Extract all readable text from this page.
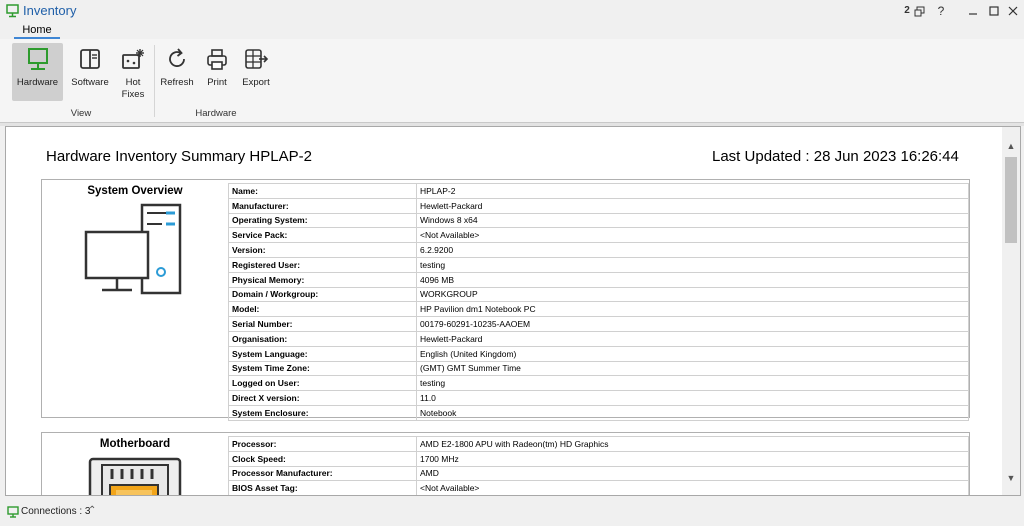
Inventory	2	?
Home
Hardware	Software	Hot
Fixes
Refresh	Print	Export
View	Hardware
Hardware Inventory Summary HPLAP-2	Last Updated : 28 Jun 2023 16:26:44
System Overview	Name:	HPLAP-2
Manufacturer:	Hewlett-Packard
Operating System:	Windows 8 x64
Service Pack:	<Not Available>
Version:	6.2.9200
Registered User:	testing
Physical Memory:	4096 MB
Domain / Workgroup:	WORKGROUP
Model:	HP Pavilion dm1 Notebook PC
Serial Number:	00179-60291-10235-AAOEM
Organisation:	Hewlett-Packard
System Language:	English (United Kingdom)
System Time Zone:	(GMT) GMT Summer Time
Logged on User:	testing
Direct X version:	11.0
System Enclosure:	Notebook
Motherboard	Processor:	AMD E2-1800 APU with Radeon(tm) HD Graphics
Clock Speed:	1700 MHz
Processor Manufacturer:	AMD
BIOS Asset Tag:	<Not Available>
▲
▼
Connections : 3
⌃
